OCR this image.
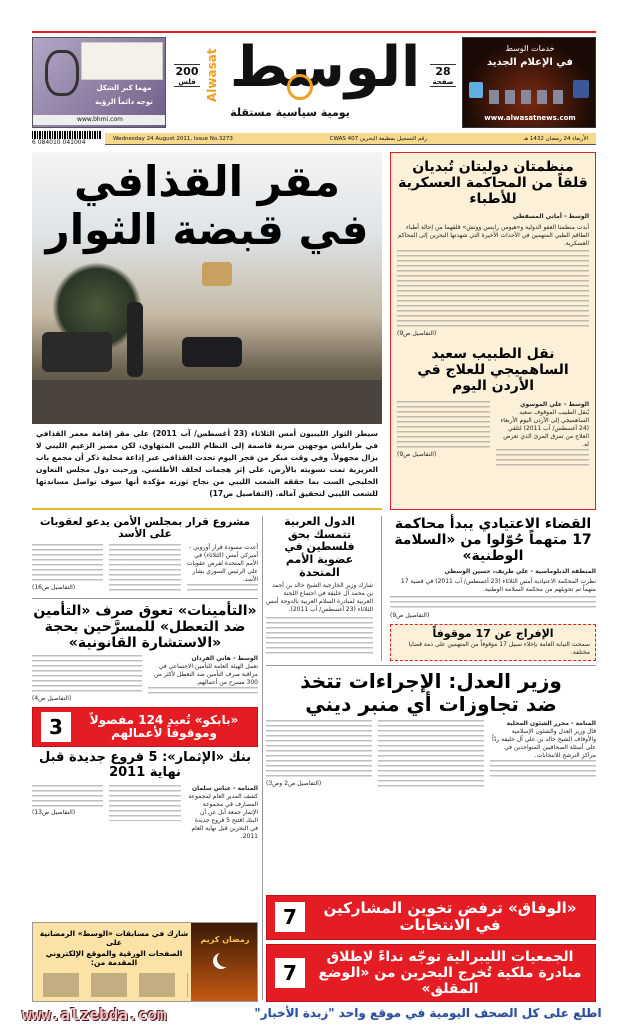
مهما كبر الشكل
توجه دائماً الرؤية
www.bhmi.com
200
فلس Alwasat الوسط
يومية سياسية مستقلة
28
صفحة
خدمات الوسط
في الإعلام الجديد
www.alwasatnews.com
6 084010 041004
الأربعاء 24 رمضان 1432 هـ
رقم التسجيل بمطبعة البحرين CWAS 407
Wednesday 24 August 2011, Issue No.3273
مقر القذافي في قبضة الثوار
سيطر الثوار الليبيون أمس الثلاثاء (23 أغسطس/ آب 2011) على مقر إقامة معمر القذافي في طرابلس موجهين ضربة قاصمة إلى النظام الليبي المتهاوي، لكن مصير الزعيم الليبي لا يزال مجهولاً. وفي وقت مبكر من فجر اليوم تحدث القذافي عبر إذاعة محلية ذكر أن مجمع باب العزيزية تمت تسويته بالأرض، على إثر هجمات لحلف الأطلسي. ورحبت دول مجلس التعاون الخليجي الست بما حققه الشعب الليبي من نجاح ثورته مؤكدة أنها سوف تواصل مساندتها للشعب الليبي لتحقيق آماله. (التفاصيل ص17)
منظمتان دوليتان تُبديان قلقاً من المحاكمة العسكرية للأطباء
الوسط - أماني المسقطي
أبدت منظمتا العفو الدولية و«هيومن رايتس ووتش» قلقهما من إحالة أطباء الطاقم الطبي المتهمين في الأحداث الأخيرة التي شهدتها البحرين إلى المحاكم العسكرية.
(التفاصيل ص9)
نقل الطبيب سعيد الساهميجي للعلاج في الأردن اليوم
الوسط - علي الموسوي
يُنقل الطبيب الموقوف سعيد الساهميجي إلى الأردن اليوم الأربعاء (24 أغسطس/ آب 2011) لتلقي العلاج من تمزق المرئ الذي تعرض له.
(التفاصيل ص9)
القضاء الاعتيادي يبدأ محاكمة 17 متهماً حُوّلوا من «السلامة الوطنية»
المنطقة الدبلوماسية - علي طريف، حسين الوسطي
نظرت المحكمة الاعتيادية أمس الثلاثاء (23 أغسطس/ آب 2011) في قضية 17 متهماً تم تحويلهم من محكمة السلامة الوطنية.
(التفاصيل ص9)
الإفراج عن 17 موقوفاً
سمحت النيابة العامة بإخلاء سبيل 17 موقوفاً من المتهمين على ذمة قضايا مختلفة.
الدول العربية تتمسك بحق فلسطين في عضوية الأمم المتحدة
شارك وزير الخارجية الشيخ خالد بن أحمد بن محمد آل خليفة في اجتماع اللجنة العربية لمبادرة السلام العربية بالدوحة أمس الثلاثاء (23 أغسطس/ آب 2011).
وزير العدل: الإجراءات تتخذ ضد تجاوزات أي منبر ديني
المنامة - محرر الشئون المحلية
قال وزير العدل والشئون الإسلامية والأوقاف الشيخ خالد بن علي آل خليفة ردّاً على أسئلة الصحافيين المتواجدين في مراكز الترشح للانتخابات.
(التفاصيل ص2 وص3)
7	«الوفاق» ترفض تخوين المشاركين في الانتخابات
7
الجمعيات الليبرالية توجّه نداءً لإطلاق مبادرة ملكية تُخرج البحرين من «الوضع المقلق»
مشروع قرار بمجلس الأمن يدعو لعقوبات على الأسد
أعدت مسودة قرار أوروبي - أميركي أمس (الثلاثاء) في الأمم المتحدة لفرض عقوبات على الرئيس السوري بشار الأسد.
(التفاصيل ص16)
«التأمينات» تعوق صرف «التأمين ضد التعطل» للمسرَّحين بحجة «الاستشارة القانونية»
الوسط - هاني الفردان
تعمل الهيئة العامة للتأمين الاجتماعي في مراقبة صرف التأمين ضد التعطل لأكثر من 300 مسرح من أعمالهم.
(التفاصيل ص4)
«بابكو» تُعيد 124 مفصولاً وموقوفاً لأعمالهم
3
بنك «الإثمار»: 5 فروع جديدة قبل نهاية 2011
المنامة - عباس سلمان
كشف المدير العام لمجموعة المصارف في مجموعة الإثمار جمعة أبل عن أن البنك افتتح 5 فروع جديدة في البحرين قبل نهاية العام 2011.
(التفاصيل ص13)
رمضان كريم
شارك في مسابقات «الوسط» الرمضانية على
الصفحات الورقية والموقع الإلكتروني المقدمة من:
www.alzebda.com	اطلع على كل الصحف اليومية في موقع واحد "زبدة الأخبار"
